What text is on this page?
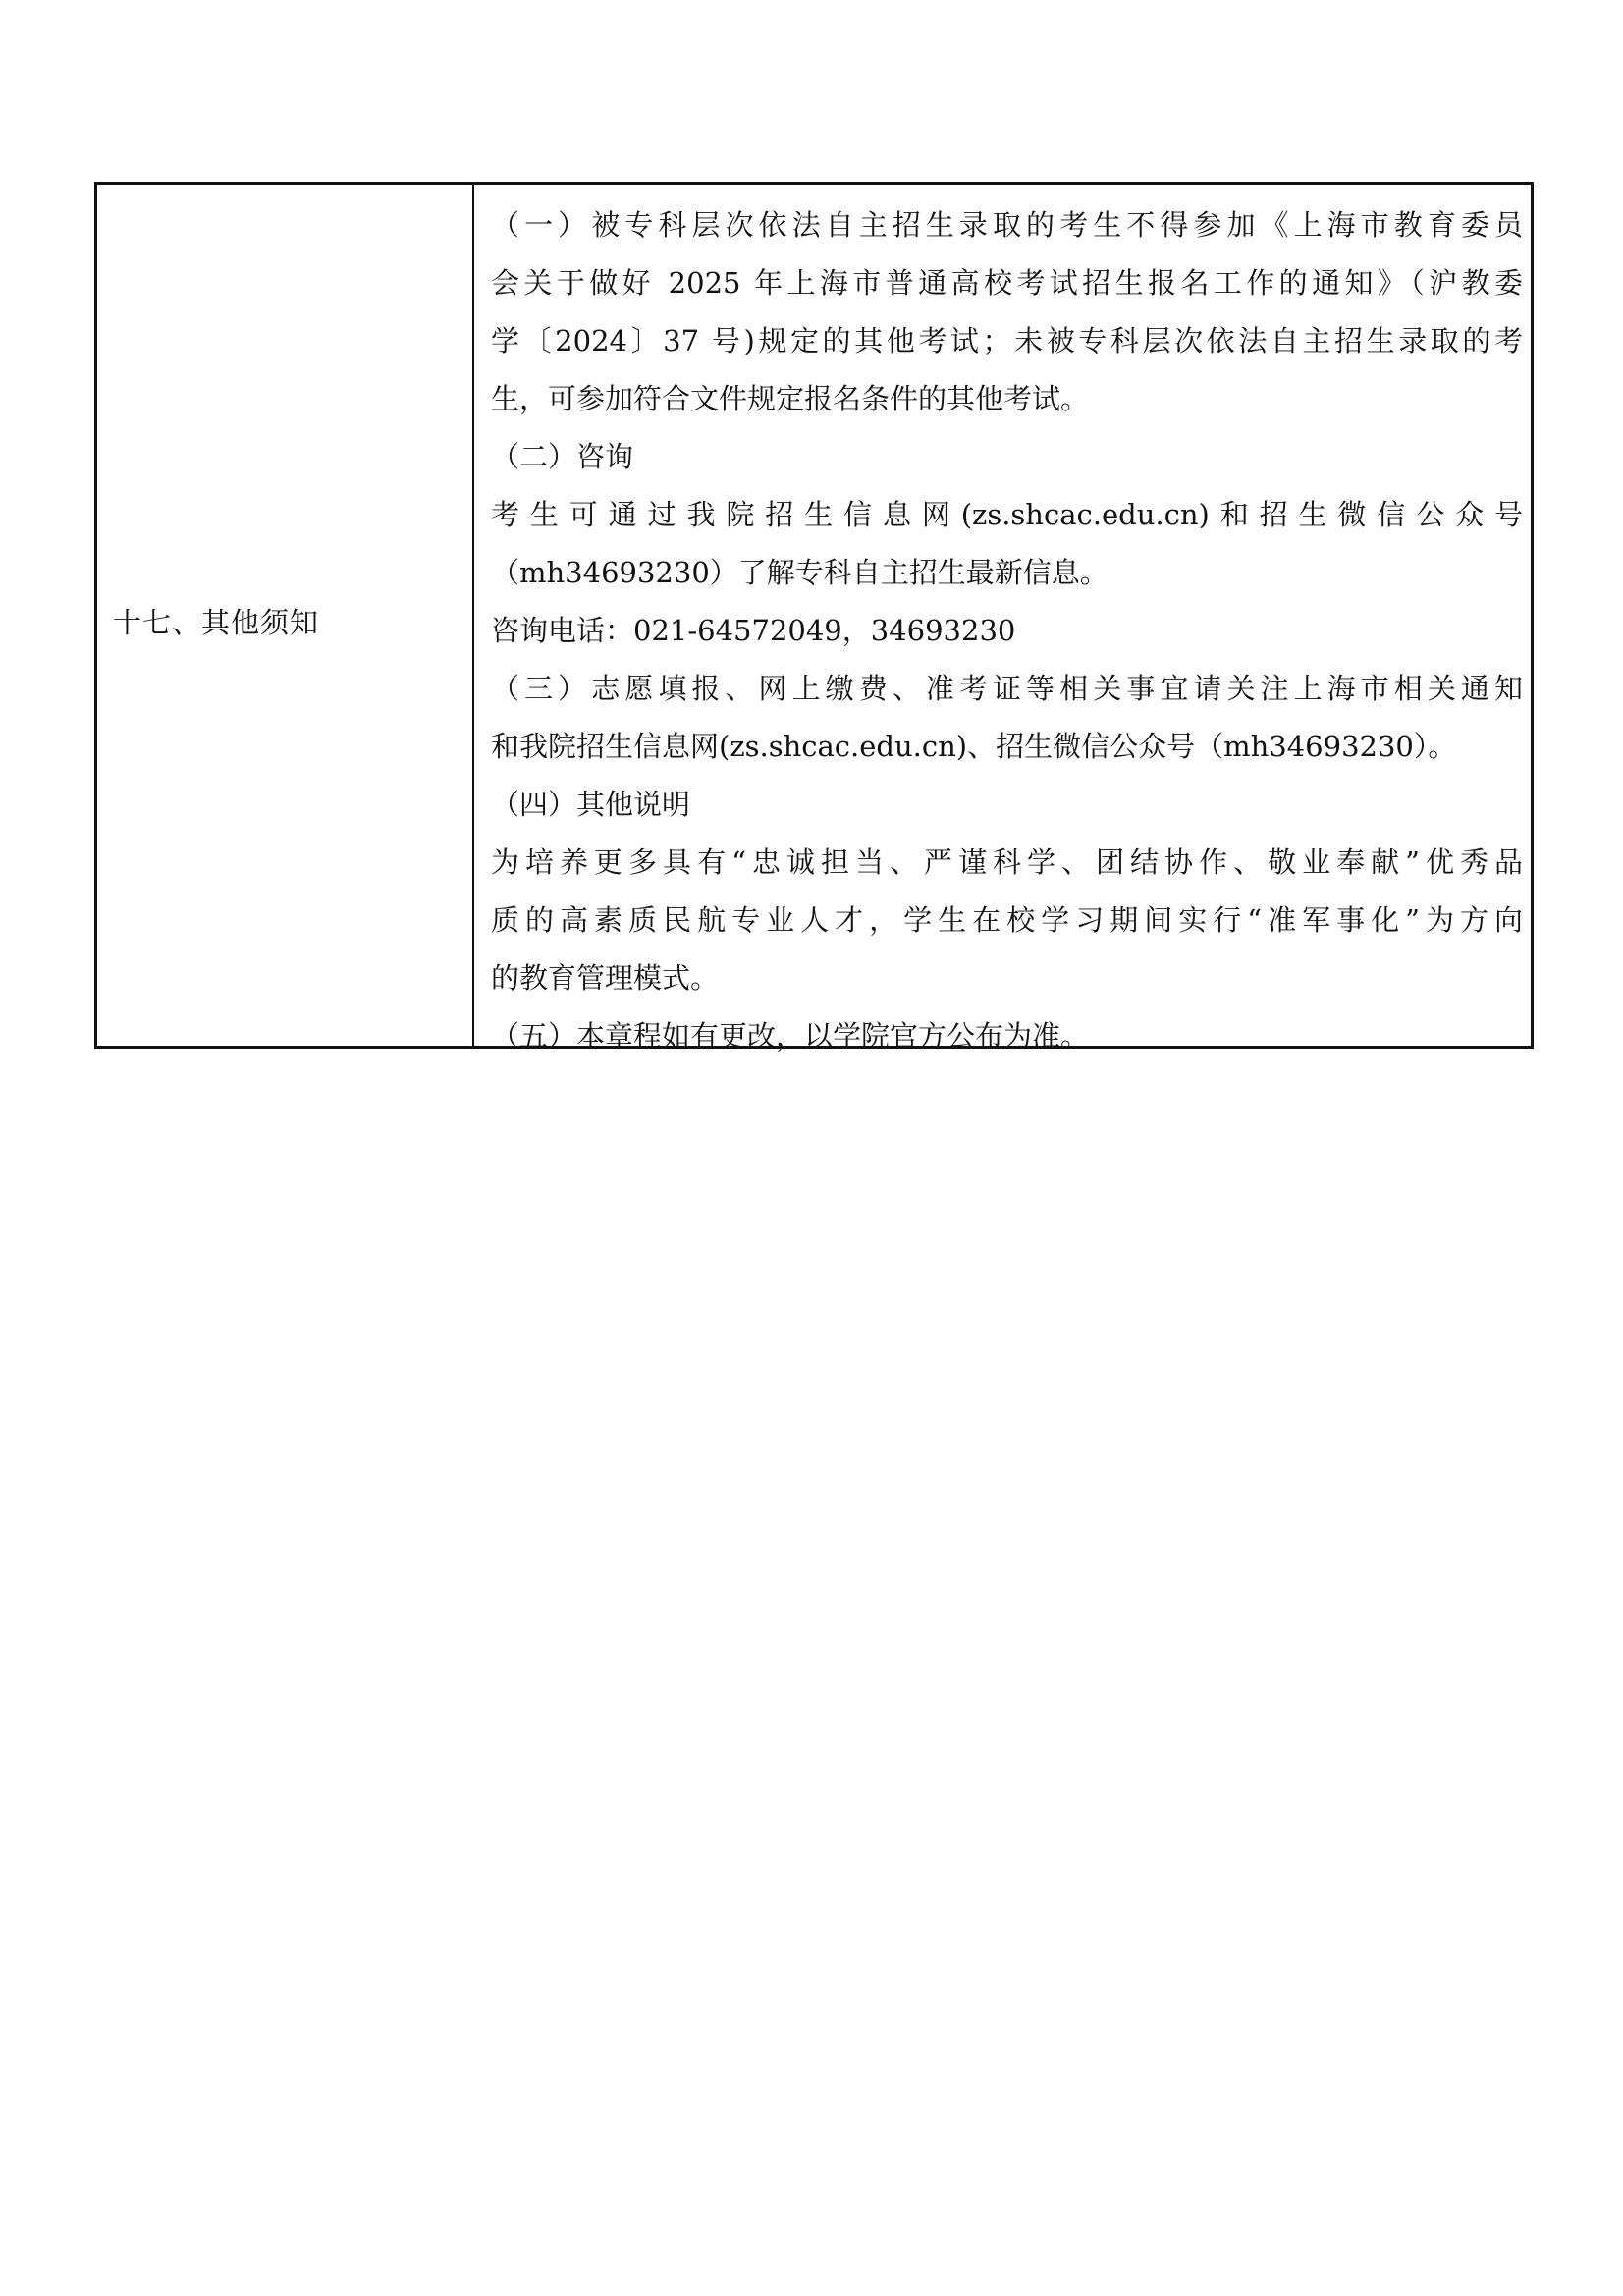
十七、其他须知
（一）被专科层次依法自主招生录取的考生不得参加《上海市教育委员
会关于做好 2025 年上海市普通高校考试招生报名工作的通知》（沪教委
学〔2024〕37 号)规定的其他考试；未被专科层次依法自主招生录取的考
生，可参加符合文件规定报名条件的其他考试。
（二）咨询
考生可通过我院招生信息网(zs.shcac.edu.cn)和招生微信公众号
（mh34693230）了解专科自主招生最新信息。
咨询电话：021-64572049，34693230
（三）志愿填报、网上缴费、准考证等相关事宜请关注上海市相关通知
和我院招生信息网(zs.shcac.edu.cn)、招生微信公众号（mh34693230）。
（四）其他说明
为培养更多具有“忠诚担当、严谨科学、团结协作、敬业奉献”优秀品
质的高素质民航专业人才，学生在校学习期间实行“准军事化”为方向
的教育管理模式。
（五）本章程如有更改，以学院官方公布为准。
